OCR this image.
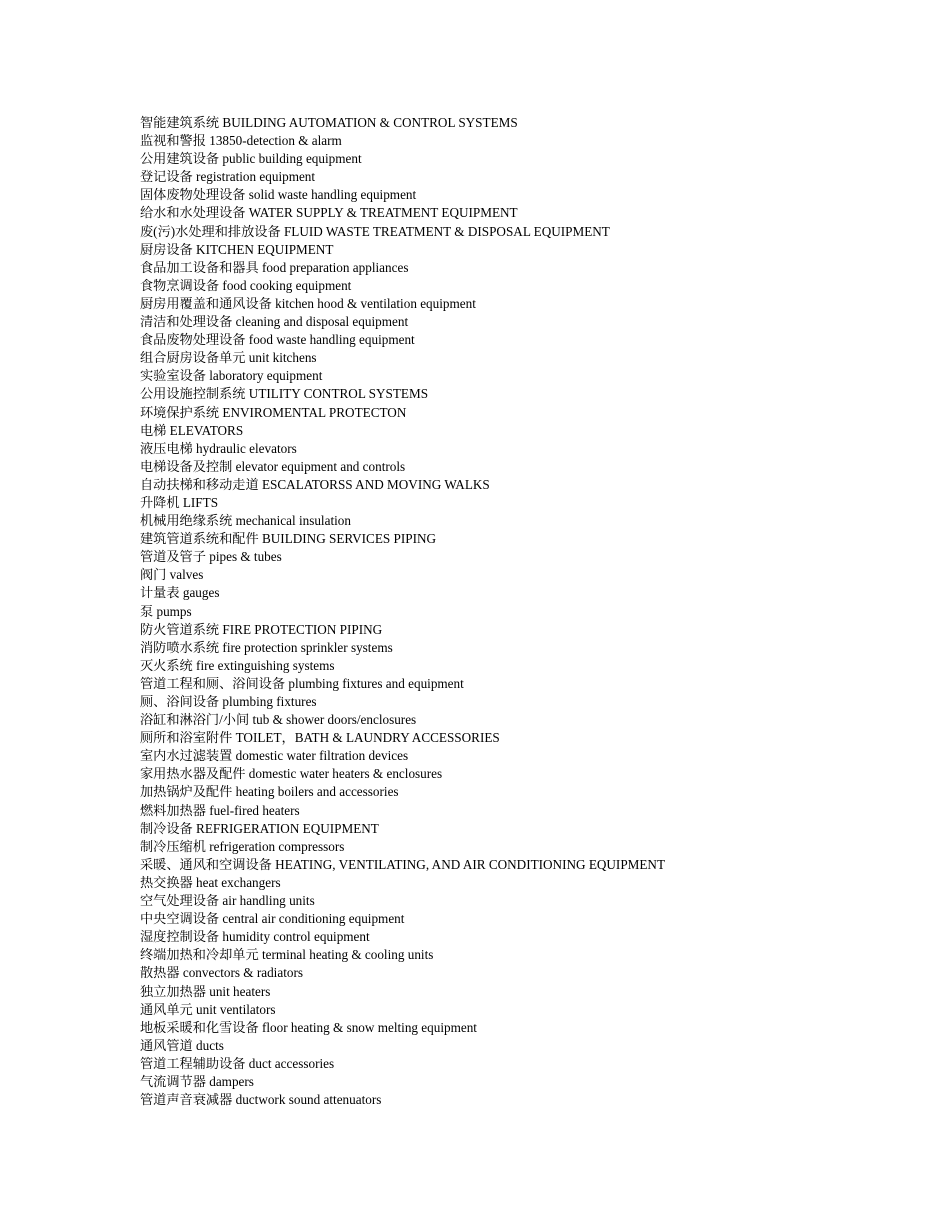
智能建筑系统 BUILDING AUTOMATION & CONTROL SYSTEMS
监视和警报 13850-detection & alarm
公用建筑设备 public building equipment
登记设备 registration equipment
固体废物处理设备 solid waste handling equipment
给水和水处理设备 WATER SUPPLY & TREATMENT EQUIPMENT
废(污)水处理和排放设备 FLUID WASTE TREATMENT & DISPOSAL EQUIPMENT
厨房设备 KITCHEN EQUIPMENT
食品加工设备和器具 food preparation appliances
食物烹调设备 food cooking equipment
厨房用覆盖和通风设备 kitchen hood & ventilation equipment
清洁和处理设备 cleaning and disposal equipment
食品废物处理设备 food waste handling equipment
组合厨房设备单元 unit kitchens
实验室设备 laboratory equipment
公用设施控制系统 UTILITY CONTROL SYSTEMS
环境保护系统 ENVIROMENTAL PROTECTON
电梯 ELEVATORS
液压电梯 hydraulic elevators
电梯设备及控制 elevator equipment and controls
自动扶梯和移动走道 ESCALATORSS AND MOVING WALKS
升降机 LIFTS
机械用绝缘系统 mechanical insulation
建筑管道系统和配件 BUILDING SERVICES PIPING
管道及管子 pipes & tubes
阀门 valves
计量表 gauges
泵 pumps
防火管道系统 FIRE PROTECTION PIPING
消防喷水系统 fire protection sprinkler systems
灭火系统 fire extinguishing systems
管道工程和厕、浴间设备 plumbing fixtures and equipment
厕、浴间设备 plumbing fixtures
浴缸和淋浴门/小间 tub & shower doors/enclosures
厕所和浴室附件 TOILET，BATH & LAUNDRY ACCESSORIES
室内水过滤装置 domestic water filtration devices
家用热水器及配件 domestic water heaters & enclosures
加热锅炉及配件 heating boilers and accessories
燃料加热器 fuel-fired heaters
制冷设备 REFRIGERATION EQUIPMENT
制冷压缩机 refrigeration compressors
采暖、通风和空调设备 HEATING, VENTILATING, AND AIR CONDITIONING EQUIPMENT
热交换器 heat exchangers
空气处理设备 air handling units
中央空调设备 central air conditioning equipment
湿度控制设备 humidity control equipment
终端加热和冷却单元 terminal heating & cooling units
散热器 convectors & radiators
独立加热器 unit heaters
通风单元 unit ventilators
地板采暖和化雪设备 floor heating & snow melting equipment
通风管道 ducts
管道工程辅助设备 duct accessories
气流调节器 dampers
管道声音衰减器 ductwork sound attenuators
